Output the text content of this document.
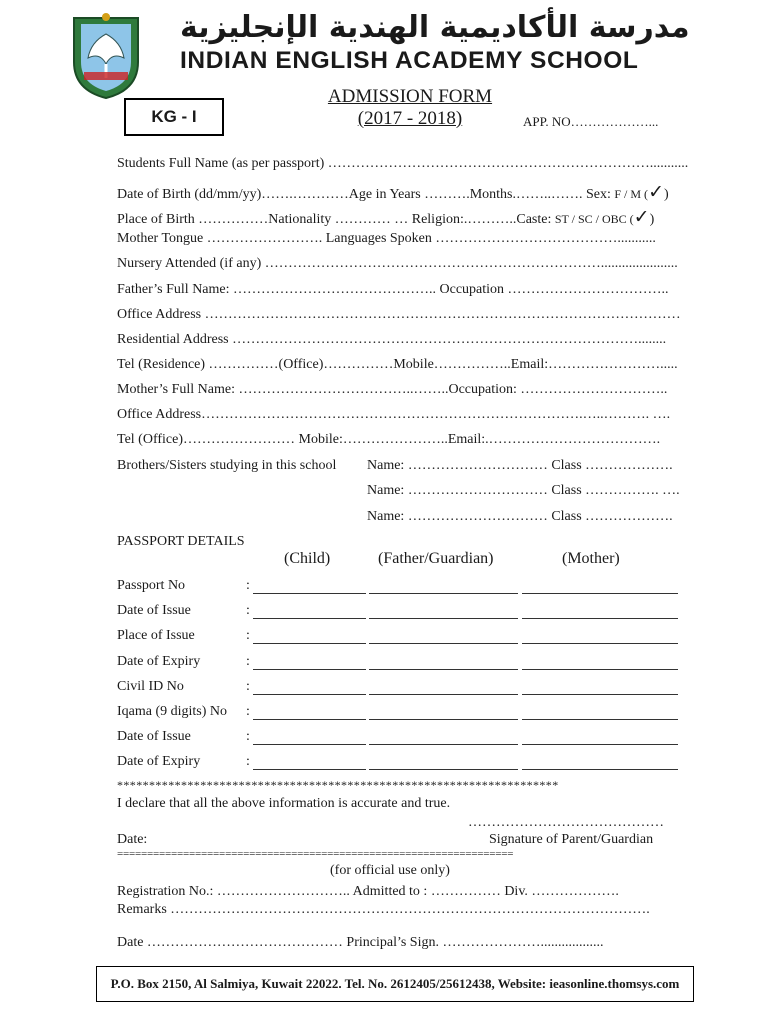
مدرسة الأكاديمية الهندية الإنجليزية
INDIAN ENGLISH ACADEMY SCHOOL
KG - I
ADMISSION FORM
(2017 - 2018)	APP. NO………………...
Students Full Name (as per passport) ……………………………………………………………...........
Date of Birth (dd/mm/yy)…….…………Age in Years ……….Months.……..……. Sex: F / M (✓)
Place of Birth ……………Nationality ………… … Religion:.………..Caste: ST / SC / OBC (✓)
Mother Tongue ……………………. Languages Spoken …………………………………...........
Nursery Attended (if any) ………………………………………………………………......................
Father’s Full Name: …………………………………….. Occupation ……………………………..
Office Address …………………………………………………………………………………………
Residential Address ……………………………………………………………………………........
Tel (Residence) ……………(Office)……………Mobile……………..Email:…………………….....
Mother’s Full Name: ………………………………..……..Occupation: …………………………..
Office Address……………………………………………………………………….…..………. ….
Tel (Office)…………………… Mobile:…………………..Email:.……………………………….
Brothers/Sisters studying in this school Name: ………………………… Class ……………….
Name: ………………………… Class ……………. ….
Name: ………………………… Class ……………….
PASSPORT DETAILS
(Child)	(Father/Guardian)	(Mother)
Passport No	:
Date of Issue	:
Place of Issue	:
Date of Expiry	:
Civil ID No	:
Iqama (9 digits) No :
Date of Issue	:
Date of Expiry	:
*********************************************************************
I declare that all the above information is accurate and true.
……………………………………
Date:	Signature of Parent/Guardian
==================================================================
(for official use only)
Registration No.: ……………………….. Admitted to : …………… Div. ……………….
Remarks ………………………………………………………………………………………….
Date …………………………………… Principal’s Sign. …………………..................
P.O. Box 2150, Al Salmiya, Kuwait 22022. Tel. No. 2612405/25612438, Website: ieasonline.thomsys.com
